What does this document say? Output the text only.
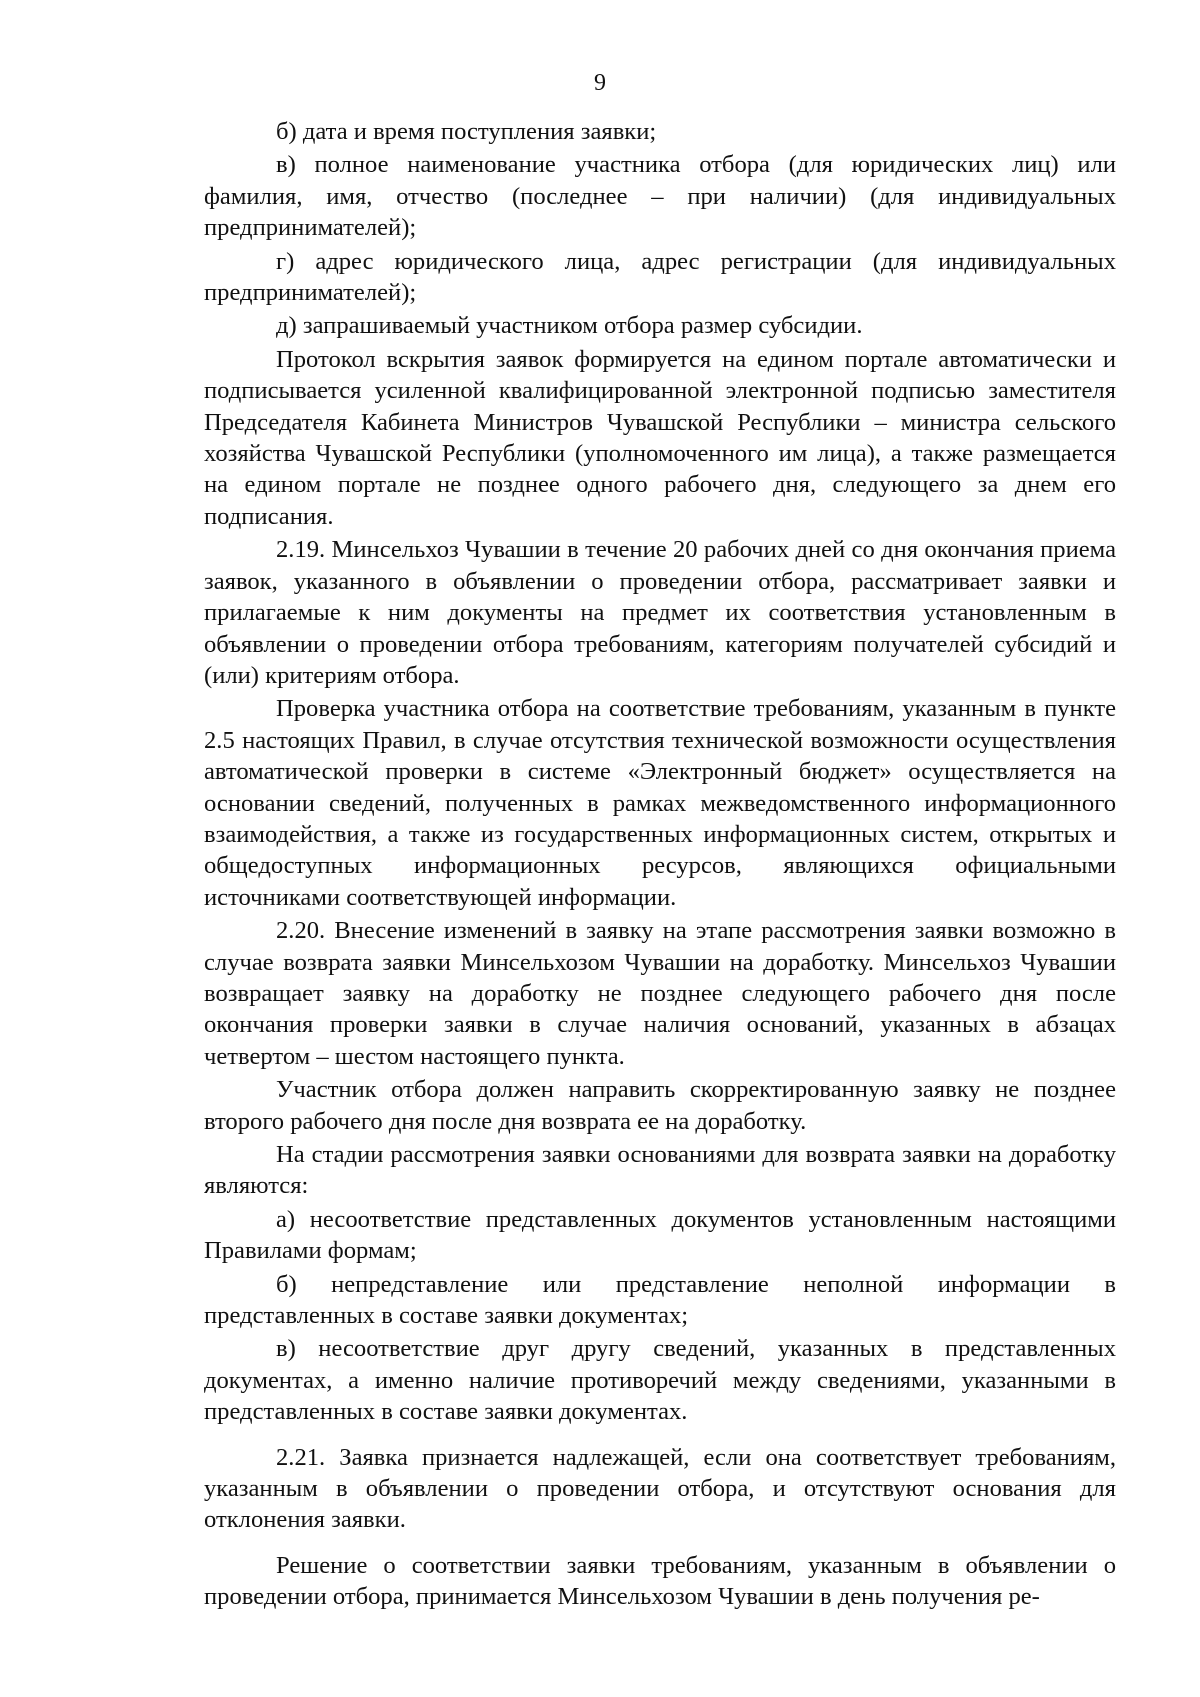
9

б) дата и время поступления заявки;

в) полное наименование участника отбора (для юридических лиц) или фамилия, имя, отчество (последнее – при наличии) (для индивидуальных предпринимателей);

г) адрес юридического лица, адрес регистрации (для индивидуальных предпринимателей);

д) запрашиваемый участником отбора размер субсидии.

Протокол вскрытия заявок формируется на едином портале автоматически и подписывается усиленной квалифицированной электронной подписью заместителя Председателя Кабинета Министров Чувашской Республики – министра сельского хозяйства Чувашской Республики (уполномоченного им лица), а также размещается на едином портале не позднее одного рабочего дня, следующего за днем его подписания.

2.19. Минсельхоз Чувашии в течение 20 рабочих дней со дня окончания приема заявок, указанного в объявлении о проведении отбора, рассматривает заявки и прилагаемые к ним документы на предмет их соответствия установленным в объявлении о проведении отбора требованиям, категориям получателей субсидий и (или) критериям отбора.

Проверка участника отбора на соответствие требованиям, указанным в пункте 2.5 настоящих Правил, в случае отсутствия технической возможности осуществления автоматической проверки в системе «Электронный бюджет» осуществляется на основании сведений, полученных в рамках межведомственного информационного взаимодействия, а также из государственных информационных систем, открытых и общедоступных информационных ресурсов, являющихся официальными источниками соответствующей информации.

2.20. Внесение изменений в заявку на этапе рассмотрения заявки возможно в случае возврата заявки Минсельхозом Чувашии на доработку. Минсельхоз Чувашии возвращает заявку на доработку не позднее следующего рабочего дня после окончания проверки заявки в случае наличия оснований, указанных в абзацах четвертом – шестом настоящего пункта.

Участник отбора должен направить скорректированную заявку не позднее второго рабочего дня после дня возврата ее на доработку.

На стадии рассмотрения заявки основаниями для возврата заявки на доработку являются:

а) несоответствие представленных документов установленным настоящими Правилами формам;

б) непредставление или представление неполной информации в представленных в составе заявки документах;

в) несоответствие друг другу сведений, указанных в представленных документах, а именно наличие противоречий между сведениями, указанными в представленных в составе заявки документах.

2.21. Заявка признается надлежащей, если она соответствует требованиям, указанным в объявлении о проведении отбора, и отсутствуют основания для отклонения заявки.

Решение о соответствии заявки требованиям, указанным в объявлении о проведении отбора, принимается Минсельхозом Чувашии в день получения ре-
